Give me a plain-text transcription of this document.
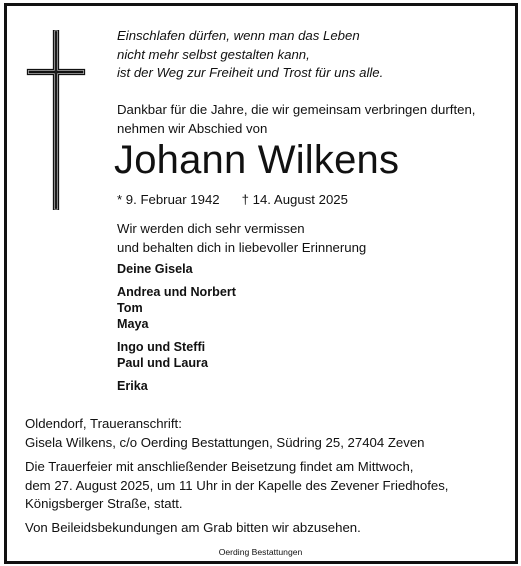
Einschlafen dürfen, wenn man das Leben
nicht mehr selbst gestalten kann,
ist der Weg zur Freiheit und Trost für uns alle.
Dankbar für die Jahre, die wir gemeinsam verbringen durften,
nehmen wir Abschied von
Johann Wilkens
* 9. Februar 1942 † 14. August 2025
Wir werden dich sehr vermissen
und behalten dich in liebevoller Erinnerung
Deine Gisela
Andrea und Norbert
Tom
Maya
Ingo und Steffi
Paul und Laura
Erika
Oldendorf, Traueranschrift:
Gisela Wilkens, c/o Oerding Bestattungen, Südring 25, 27404 Zeven
Die Trauerfeier mit anschließender Beisetzung findet am Mittwoch,
dem 27. August 2025, um 11 Uhr in der Kapelle des Zevener Friedhofes,
Königsberger Straße, statt.
Von Beileidsbekundungen am Grab bitten wir abzusehen.
Oerding Bestattungen
